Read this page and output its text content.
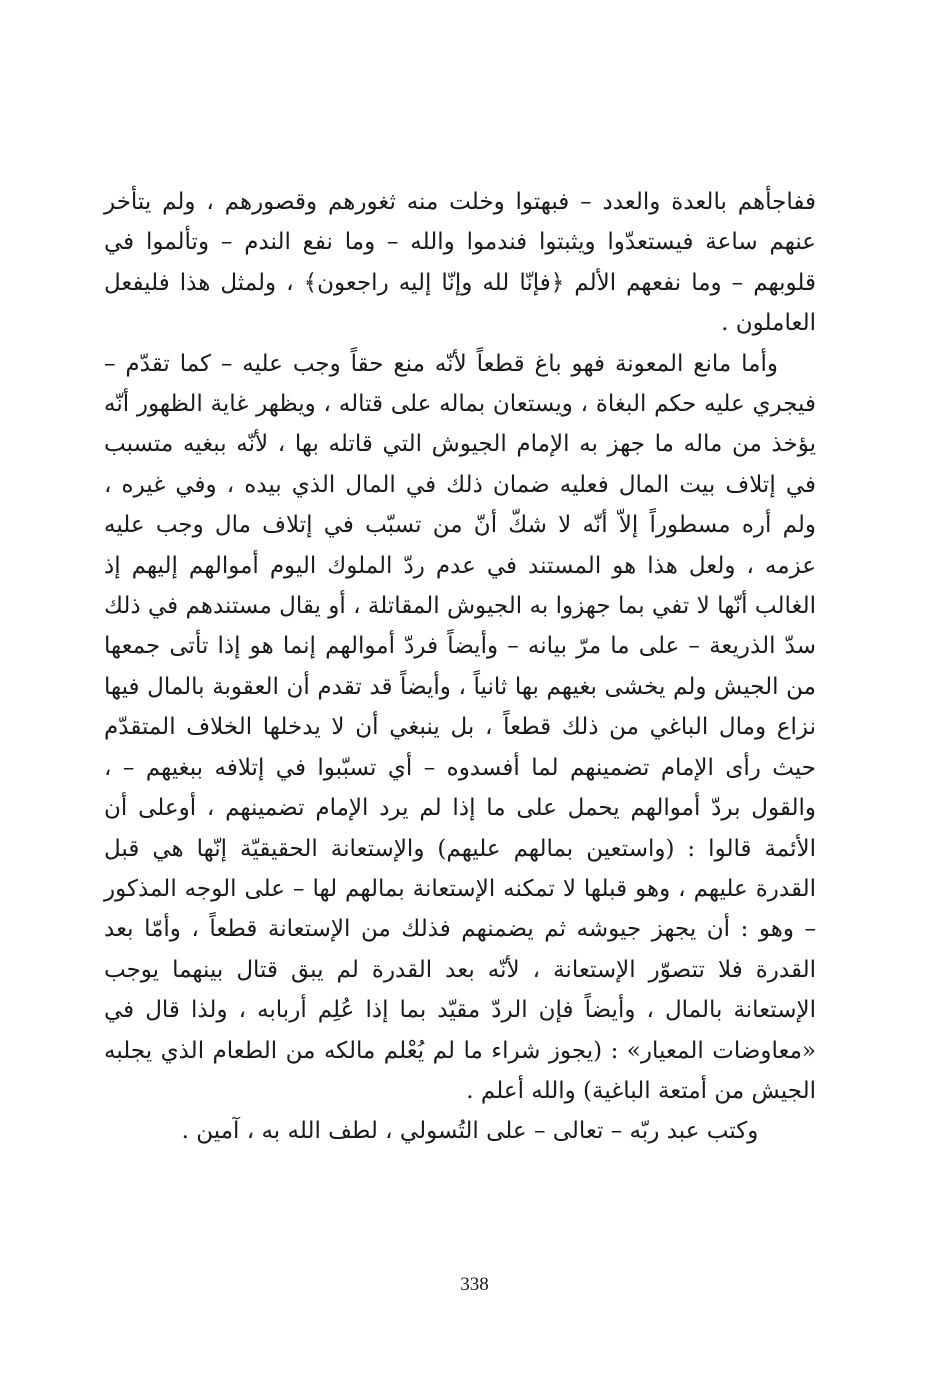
ففاجأهم بالعدة والعدد – فبهتوا وخلت منه ثغورهم وقصورهم ، ولم يتأخر عنهم ساعة فيستعدّوا ويثبتوا فندموا والله – وما نفع الندم – وتألموا في قلوبهم – وما نفعهم الألم ﴿فإنّا لله وإنّا إليه راجعون﴾ ، ولمثل هذا فليفعل العاملون .

وأما مانع المعونة فهو باغ قطعاً لأنّه منع حقاً وجب عليه – كما تقدّم – فيجري عليه حكم البغاة ، ويستعان بماله على قتاله ، ويظهر غاية الظهور أنّه يؤخذ من ماله ما جهز به الإمام الجيوش التي قاتله بها ، لأنّه ببغيه متسبب في إتلاف بيت المال فعليه ضمان ذلك في المال الذي بيده ، وفي غيره ، ولم أره مسطوراً إلاّ أنّه لا شكّ أنّ من تسبّب في إتلاف مال وجب عليه عزمه ، ولعل هذا هو المستند في عدم ردّ الملوك اليوم أموالهم إليهم إذ الغالب أنّها لا تفي بما جهزوا به الجيوش المقاتلة ، أو يقال مستندهم في ذلك سدّ الذريعة – على ما مرّ بيانه – وأيضاً فردّ أموالهم إنما هو إذا تأتى جمعها من الجيش ولم يخشى بغيهم بها ثانياً ، وأيضاً قد تقدم أن العقوبة بالمال فيها نزاع ومال الباغي من ذلك قطعاً ، بل ينبغي أن لا يدخلها الخلاف المتقدّم حيث رأى الإمام تضمينهم لما أفسدوه – أي تسبّبوا في إتلافه ببغيهم – ، والقول بردّ أموالهم يحمل على ما إذا لم يرد الإمام تضمينهم ، أوعلى أن الأئمة قالوا : (واستعين بمالهم عليهم) والإستعانة الحقيقيّة إنّها هي قبل القدرة عليهم ، وهو قبلها لا تمكنه الإستعانة بمالهم لها – على الوجه المذكور – وهو : أن يجهز جيوشه ثم يضمنهم فذلك من الإستعانة قطعاً ، وأمّا بعد القدرة فلا تتصوّر الإستعانة ، لأنّه بعد القدرة لم يبق قتال بينهما يوجب الإستعانة بالمال ، وأيضاً فإن الردّ مقيّد بما إذا عُلِم أربابه ، ولذا قال في «معاوضات المعيار» : (يجوز شراء ما لم يُعْلم مالكه من الطعام الذي يجلبه الجيش من أمتعة الباغية) والله أعلم .

وكتب عبد ربّه – تعالى – على التُسولي ، لطف الله به ، آمين .

338
